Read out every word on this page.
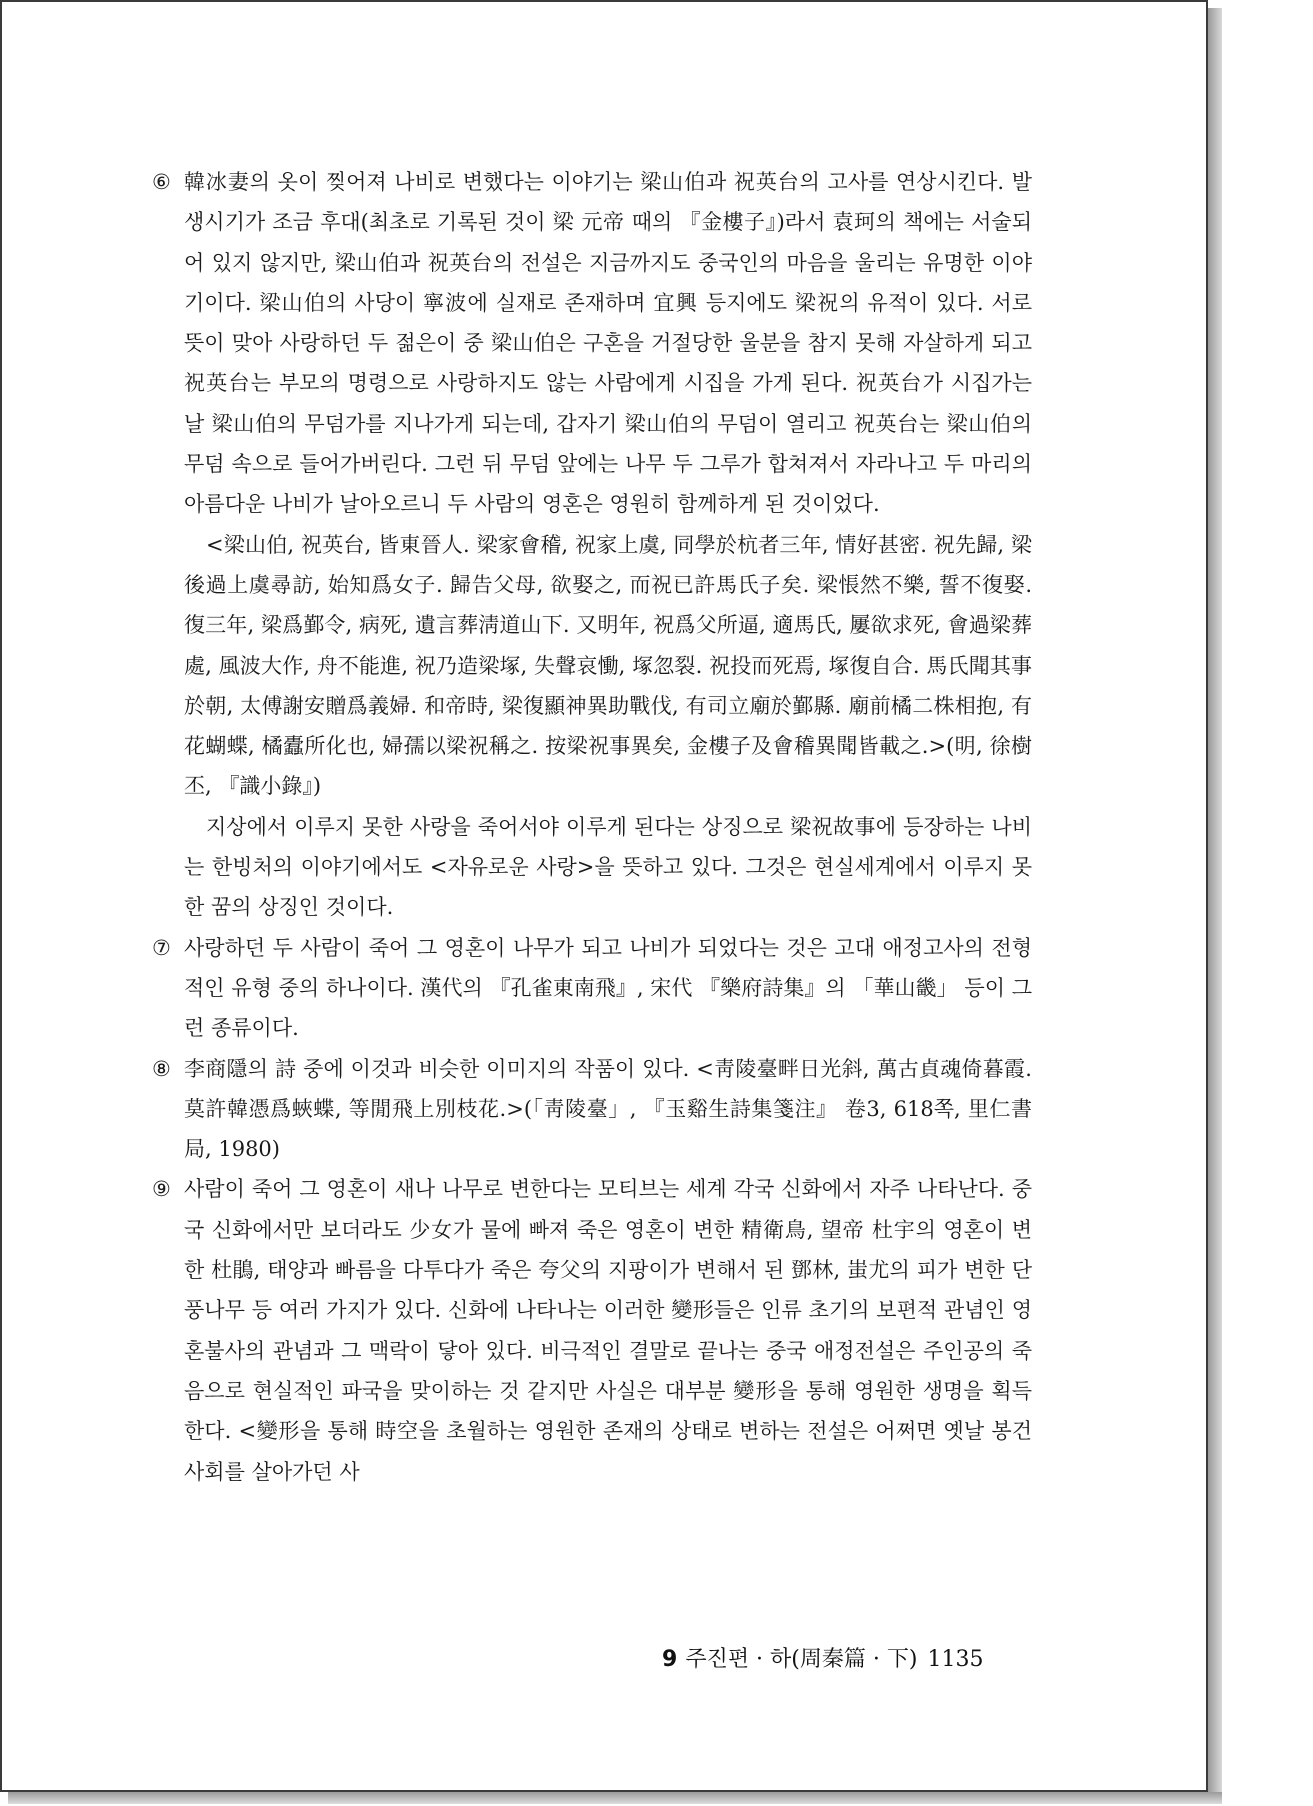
⑥ 韓冰妻의 옷이 찢어져 나비로 변했다는 이야기는 梁山伯과 祝英台의 고사를 연상시킨다. 발생시기가 조금 후대(최초로 기록된 것이 梁 元帝 때의 『金樓子』)라서 袁珂의 책에는 서술되어 있지 않지만, 梁山伯과 祝英台의 전설은 지금까지도 중국인의 마음을 울리는 유명한 이야기이다. 梁山伯의 사당이 寧波에 실재로 존재하며 宜興 등지에도 梁祝의 유적이 있다. 서로 뜻이 맞아 사랑하던 두 젊은이 중 梁山伯은 구혼을 거절당한 울분을 참지 못해 자살하게 되고 祝英台는 부모의 명령으로 사랑하지도 않는 사람에게 시집을 가게 된다. 祝英台가 시집가는 날 梁山伯의 무덤가를 지나가게 되는데, 갑자기 梁山伯의 무덤이 열리고 祝英台는 梁山伯의 무덤 속으로 들어가버린다. 그런 뒤 무덤 앞에는 나무 두 그루가 합쳐져서 자라나고 두 마리의 아름다운 나비가 날아오르니 두 사람의 영혼은 영원히 함께하게 된 것이었다.

<梁山伯, 祝英台, 皆東晉人. 梁家會稽, 祝家上虞, 同學於杭者三年, 情好甚密. 祝先歸, 梁後過上虞尋訪, 始知爲女子. 歸告父母, 欲娶之, 而祝已許馬氏子矣. 梁悵然不樂, 誓不復娶. 復三年, 梁爲鄞令, 病死, 遺言葬淸道山下. 又明年, 祝爲父所逼, 適馬氏, 屢欲求死, 會過梁葬處, 風波大作, 舟不能進, 祝乃造梁塚, 失聲哀慟, 塚忽裂. 祝投而死焉, 塚復自合. 馬氏聞其事於朝, 太傅謝安贈爲義婦. 和帝時, 梁復顯神異助戰伐, 有司立廟於鄞縣. 廟前橘二株相抱, 有花蝴蝶, 橘蠹所化也, 婦孺以梁祝稱之. 按梁祝事異矣, 金樓子及會稽異聞皆載之.>(明, 徐樹丕, 『識小錄』)

지상에서 이루지 못한 사랑을 죽어서야 이루게 된다는 상징으로 梁祝故事에 등장하는 나비는 한빙처의 이야기에서도 <자유로운 사랑>을 뜻하고 있다. 그것은 현실세계에서 이루지 못한 꿈의 상징인 것이다.

⑦ 사랑하던 두 사람이 죽어 그 영혼이 나무가 되고 나비가 되었다는 것은 고대 애정고사의 전형적인 유형 중의 하나이다. 漢代의 『孔雀東南飛』, 宋代 『樂府詩集』의 「華山畿」 등이 그런 종류이다.

⑧ 李商隱의 詩 중에 이것과 비슷한 이미지의 작품이 있다. <靑陵臺畔日光斜, 萬古貞魂倚暮霞. 莫許韓憑爲蛺蝶, 等閒飛上別枝花.>(「靑陵臺」, 『玉谿生詩集箋注』 卷3, 618쪽, 里仁書局, 1980)

⑨ 사람이 죽어 그 영혼이 새나 나무로 변한다는 모티브는 세계 각국 신화에서 자주 나타난다. 중국 신화에서만 보더라도 少女가 물에 빠져 죽은 영혼이 변한 精衛鳥, 望帝 杜宇의 영혼이 변한 杜鵑, 태양과 빠름을 다투다가 죽은 夸父의 지팡이가 변해서 된 鄧林, 蚩尤의 피가 변한 단풍나무 등 여러 가지가 있다. 신화에 나타나는 이러한 變形들은 인류 초기의 보편적 관념인 영혼불사의 관념과 그 맥락이 닿아 있다. 비극적인 결말로 끝나는 중국 애정전설은 주인공의 죽음으로 현실적인 파국을 맞이하는 것 같지만 사실은 대부분 變形을 통해 영원한 생명을 획득한다. <變形을 통해 時空을 초월하는 영원한 존재의 상태로 변하는 전설은 어쩌면 옛날 봉건사회를 살아가던 사

9 주진편 · 하(周秦篇 · 下) 1135
